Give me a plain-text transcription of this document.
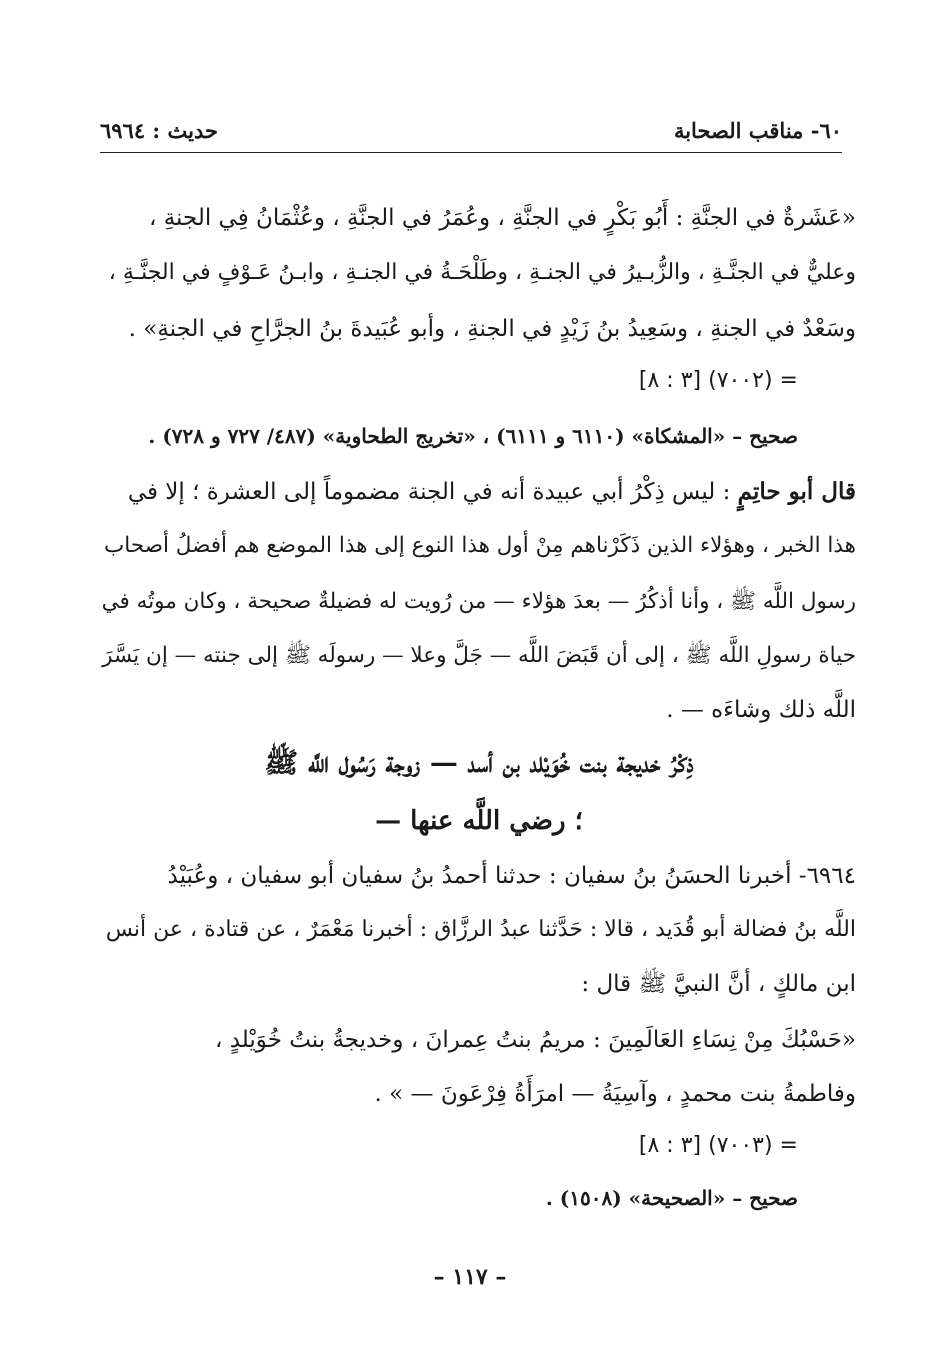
٦٠- مناقب الصحابة
حديث : ٦٩٦٤
«عَشَرةٌ في الجنَّةِ : أَبُو بَكْرٍ في الجنَّةِ ، وعُمَرُ في الجنَّةِ ، وعُثْمَانُ فِي الجنةِ ،
وعليٌّ في الجنَّـةِ ، والزُّبـيرُ في الجنـةِ ، وطَلْحَـةُ في الجنـةِ ، وابـنُ عَـوْفٍ في الجنَّـةِ ،
وسَعْدٌ في الجنةِ ، وسَعِيدُ بنُ زَيْدٍ في الجنةِ ، وأبو عُبَيدةَ بنُ الجرَّاحِ في الجنةِ» .
= (٧٠٠٢) [٣ : ٨]
صحيح – «المشكاة» (٦١١٠ و ٦١١١) ، «تخريج الطحاوية» (٤٨٧/ ٧٢٧ و ٧٢٨) .
قال أبو حاتِمٍ : ليس ذِكْرُ أبي عبيدة أنه في الجنة مضموماً إلى العشرة ؛ إلا في
هذا الخبر ، وهؤلاء الذين ذَكَرْناهم مِنْ أول هذا النوع إلى هذا الموضع هم أفضلُ أصحاب
رسول اللَّه ﷺ ، وأنا أذكُرُ — بعدَ هؤلاء — من رُويت له فضيلةٌ صحيحة ، وكان موتُه في
حياة رسولِ اللَّه ﷺ ، إلى أن قَبَضَ اللَّه — جَلَّ وعلا — رسولَه ﷺ إلى جنته — إن يَسَّرَ
اللَّه ذلك وشاءَه — .
ذِكْرُ خديجة بنت خُوَيْلد بن أسد — زوجة رَسُول اللَّه ﷺ
؛ رضي اللَّه عنها —
٦٩٦٤- أخبرنا الحسَنُ بنُ سفيان : حدثنا أحمدُ بنُ سفيان أبو سفيان ، وعُبَيْدُ
اللَّه بنُ فضالة أبو قُدَيد ، قالا : حَدَّثنا عبدُ الرزَّاق : أخبرنا مَعْمَرٌ ، عن قتادة ، عن أنس
ابن مالكٍ ، أنَّ النبيَّ ﷺ قال :
«حَسْبُكَ مِنْ نِسَاءِ العَالَمِينَ : مريمُ بنتُ عِمرانَ ، وخديجةُ بنتُ خُوَيْلدٍ ،
وفاطمةُ بنت محمدٍ ، وآسِيَةُ — امرَأَةُ فِرْعَونَ — » .
= (٧٠٠٣) [٣ : ٨]
صحيح – «الصحيحة» (١٥٠٨) .
– ١١٧ –
